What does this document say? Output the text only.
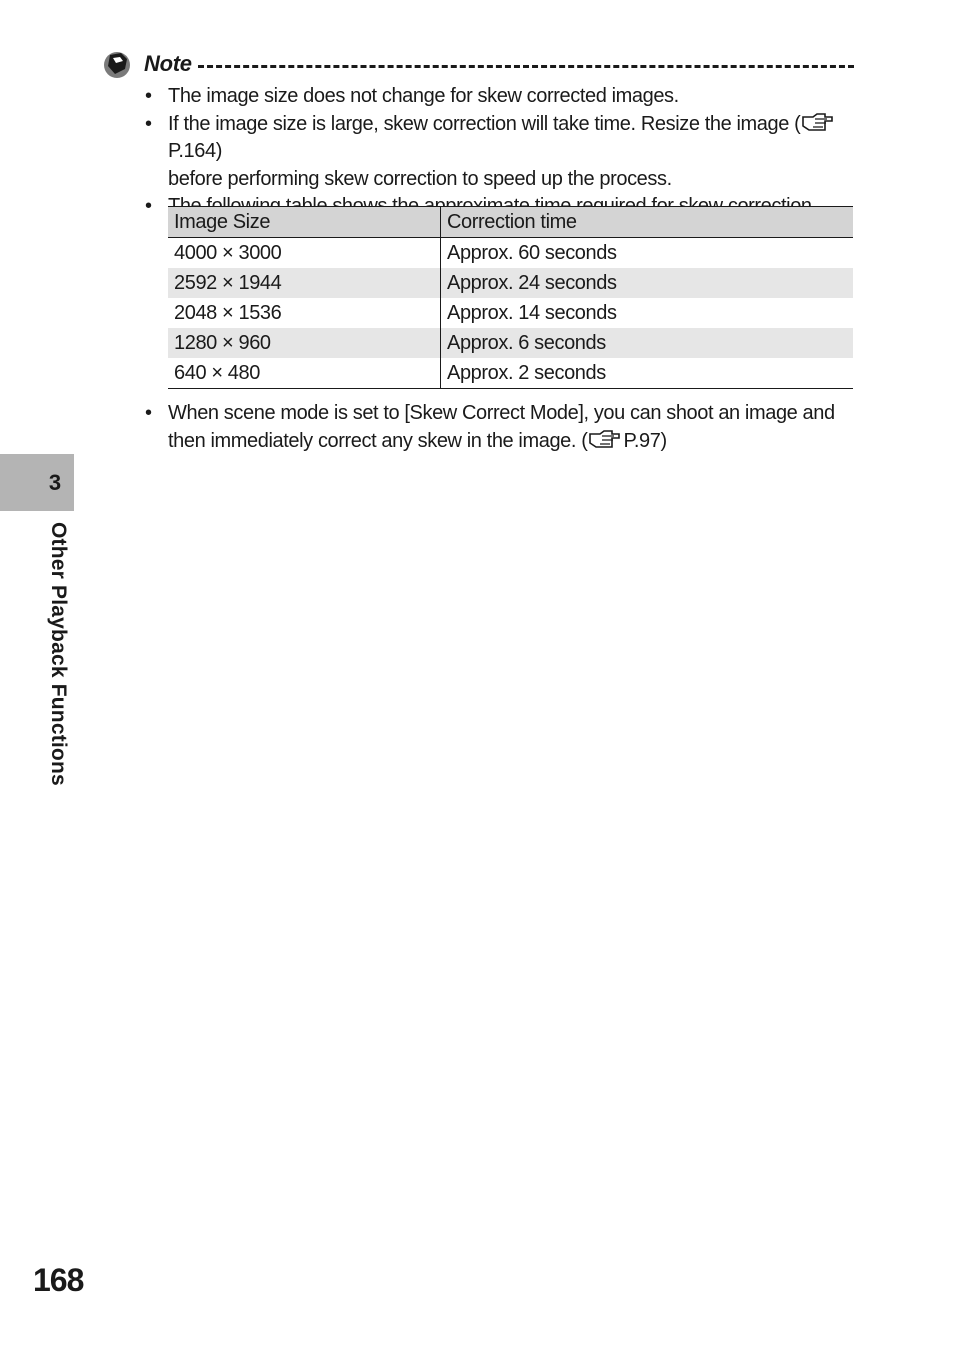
Note
• The image size does not change for skew corrected images.
• If the image size is large, skew correction will take time. Resize the image (P.164)
before performing skew correction to speed up the process.
•
Image Size	Correction time
4000 × 3000	Approx. 60 seconds
2592 × 1944	Approx. 24 seconds
2048 × 1536	Approx. 14 seconds
1280 × 960	Approx. 6 seconds
640 × 480	Approx. 2 seconds
• When scene mode is set to [Skew Correct Mode], you can shoot an image and then immediately correct any skew in the image. ( P.97)
3
Other Playback Functions
168
